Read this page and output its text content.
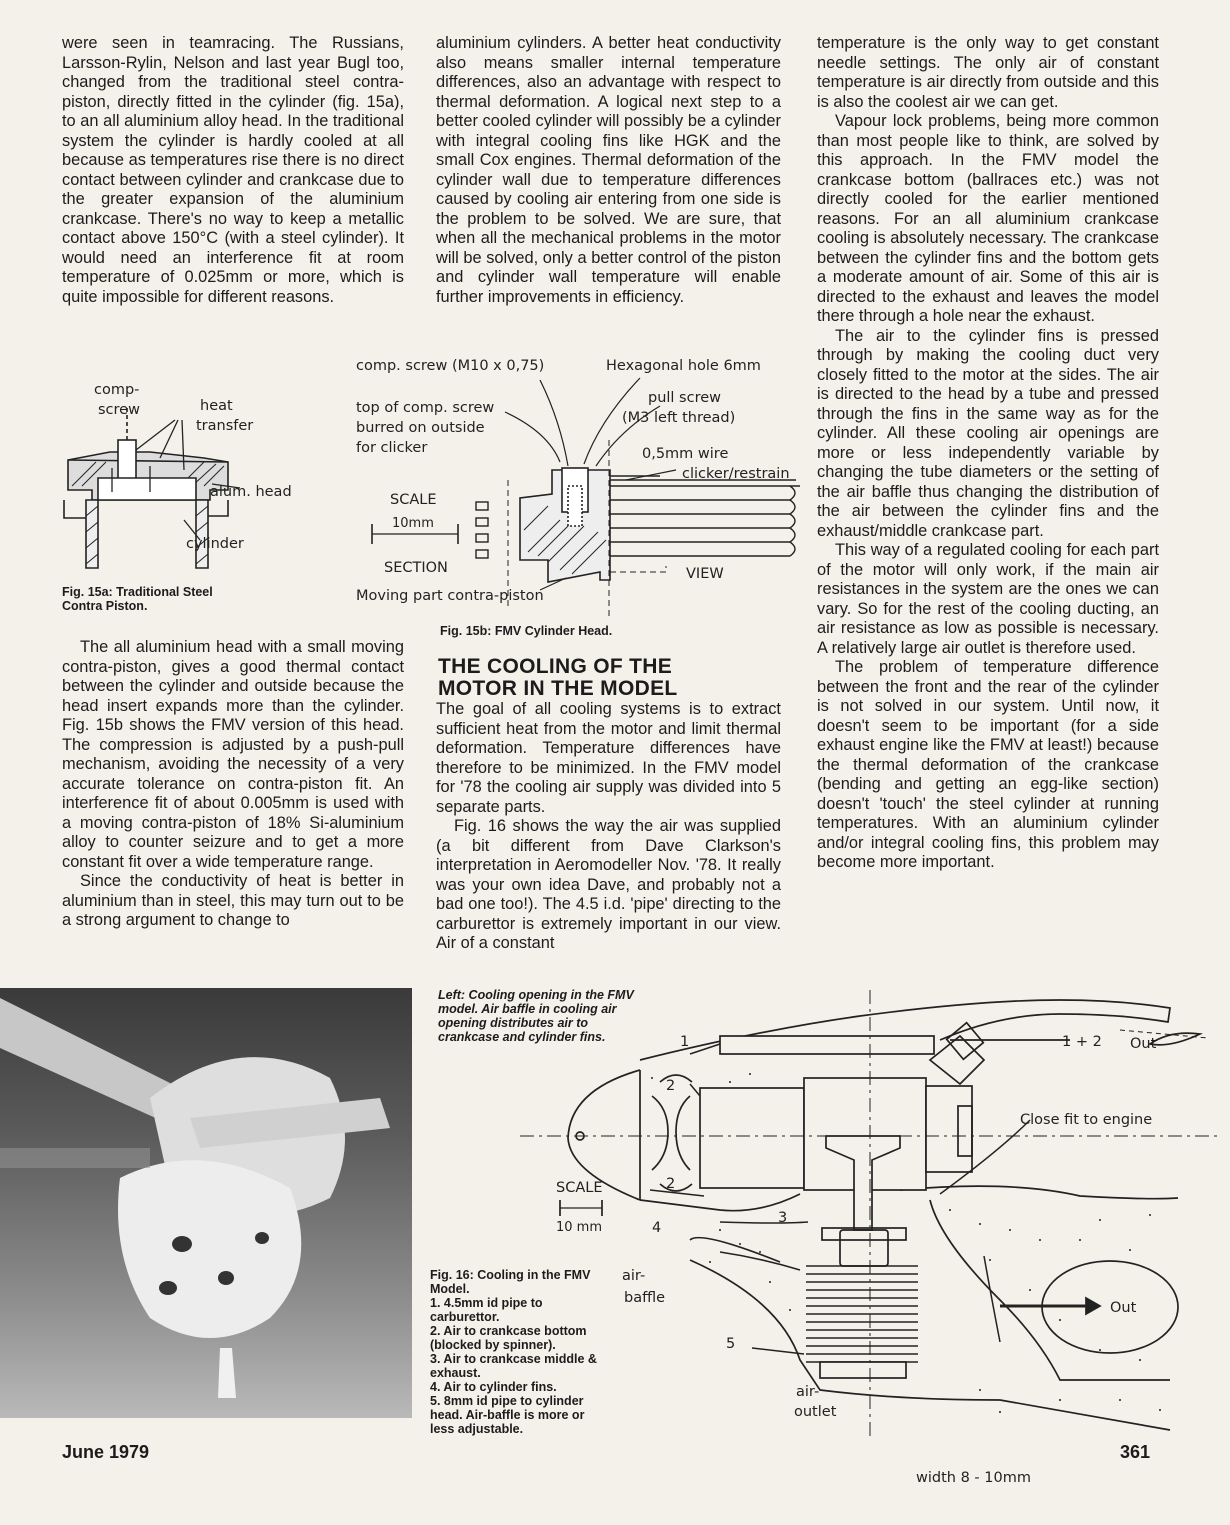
were seen in teamracing. The Russians, Larsson-Rylin, Nelson and last year Bugl too, changed from the traditional steel contra-piston, directly fitted in the cylinder (fig. 15a), to an all aluminium alloy head. In the traditional system the cylinder is hardly cooled at all because as temperatures rise there is no direct contact between cylinder and crankcase due to the greater expansion of the aluminium crankcase. There's no way to keep a metallic contact above 150°C (with a steel cylinder). It would need an interference fit at room temperature of 0.025mm or more, which is quite impossible for different reasons.

aluminium cylinders. A better heat conductivity also means smaller internal temperature differences, also an advantage with respect to thermal deformation. A logical next step to a better cooled cylinder will possibly be a cylinder with integral cooling fins like HGK and the small Cox engines. Thermal deformation of the cylinder wall due to temperature differences caused by cooling air entering from one side is the problem to be solved. We are sure, that when all the mechanical problems in the motor will be solved, only a better control of the piston and cylinder wall temperature will enable further improvements in efficiency.

temperature is the only way to get constant needle settings. The only air of constant temperature is air directly from outside and this is also the coolest air we can get.

Vapour lock problems, being more common than most people like to think, are solved by this approach. In the FMV model the crankcase bottom (ballraces etc.) was not directly cooled for the earlier mentioned reasons. For an all aluminium crankcase cooling is absolutely necessary. The crankcase between the cylinder fins and the bottom gets a moderate amount of air. Some of this air is directed to the exhaust and leaves the model there through a hole near the exhaust.

The air to the cylinder fins is pressed through by making the cooling duct very closely fitted to the motor at the sides. The air is directed to the head by a tube and pressed through the fins in the same way as for the cylinder. All these cooling air openings are more or less independently variable by changing the tube diameters or the setting of the air baffle thus changing the distribution of the air between the cylinder fins and the exhaust/middle crankcase part.

This way of a regulated cooling for each part of the motor will only work, if the main air resistances in the system are the ones we can vary. So for the rest of the cooling ducting, an air resistance as low as possible is necessary. A relatively large air outlet is therefore used.

The problem of temperature difference between the front and the rear of the cylinder is not solved in our system. Until now, it doesn't seem to be important (for a side exhaust engine like the FMV at least!) because the thermal deformation of the crankcase (bending and getting an egg-like section) doesn't 'touch' the steel cylinder at running temperatures. With an aluminium cylinder and/or integral cooling fins, this problem may become more important.

The all aluminium head with a small moving contra-piston, gives a good thermal contact between the cylinder and outside because the head insert expands more than the cylinder. Fig. 15b shows the FMV version of this head. The compression is adjusted by a push-pull mechanism, avoiding the necessity of a very accurate tolerance on contra-piston fit. An interference fit of about 0.005mm is used with a moving contra-piston of 18% Si-aluminium alloy to counter seizure and to get a more constant fit over a wide temperature range.

Since the conductivity of heat is better in aluminium than in steel, this may turn out to be a strong argument to change to

THE COOLING OF THE MOTOR IN THE MODEL

The goal of all cooling systems is to extract sufficient heat from the motor and limit thermal deformation. Temperature differences have therefore to be minimized. In the FMV model for '78 the cooling air supply was divided into 5 separate parts.

Fig. 16 shows the way the air was supplied (a bit different from Dave Clarkson's interpretation in Aeromodeller Nov. '78. It really was your own idea Dave, and probably not a bad one too!). The 4.5 i.d. 'pipe' directing to the carburettor is extremely important in our view. Air of a constant

comp-
screw	heat
transfer
alum. head
cylinder
Fig. 15a: Traditional Steel
Contra Piston.
comp. screw (M10 x 0,75)	Hexagonal hole 6mm
pull screw
(M3 left thread)
top of comp. screw
burred on outside
for clicker	0,5mm wire
clicker/restrain
SCALE
10mm
SECTION	VIEW
Moving part contra-piston
Fig. 15b: FMV Cylinder Head.
Left: Cooling opening in the FMV
model. Air baffle in cooling air
opening distributes air to
crankcase and cylinder fins.	1
2
2
3
4
5
1 + 2 Out
Close fit to engine
SCALE
10 mm
air-
baffle
Out
air-
outlet
width 8 - 10mm
Fig. 16: Cooling in the FMV
Model.
1. 4.5mm id pipe to
carburettor.
2. Air to crankcase bottom
(blocked by spinner).
3. Air to crankcase middle &
exhaust.
4. Air to cylinder fins.
5. 8mm id pipe to cylinder
head. Air-baffle is more or
less adjustable.
June 1979	361
